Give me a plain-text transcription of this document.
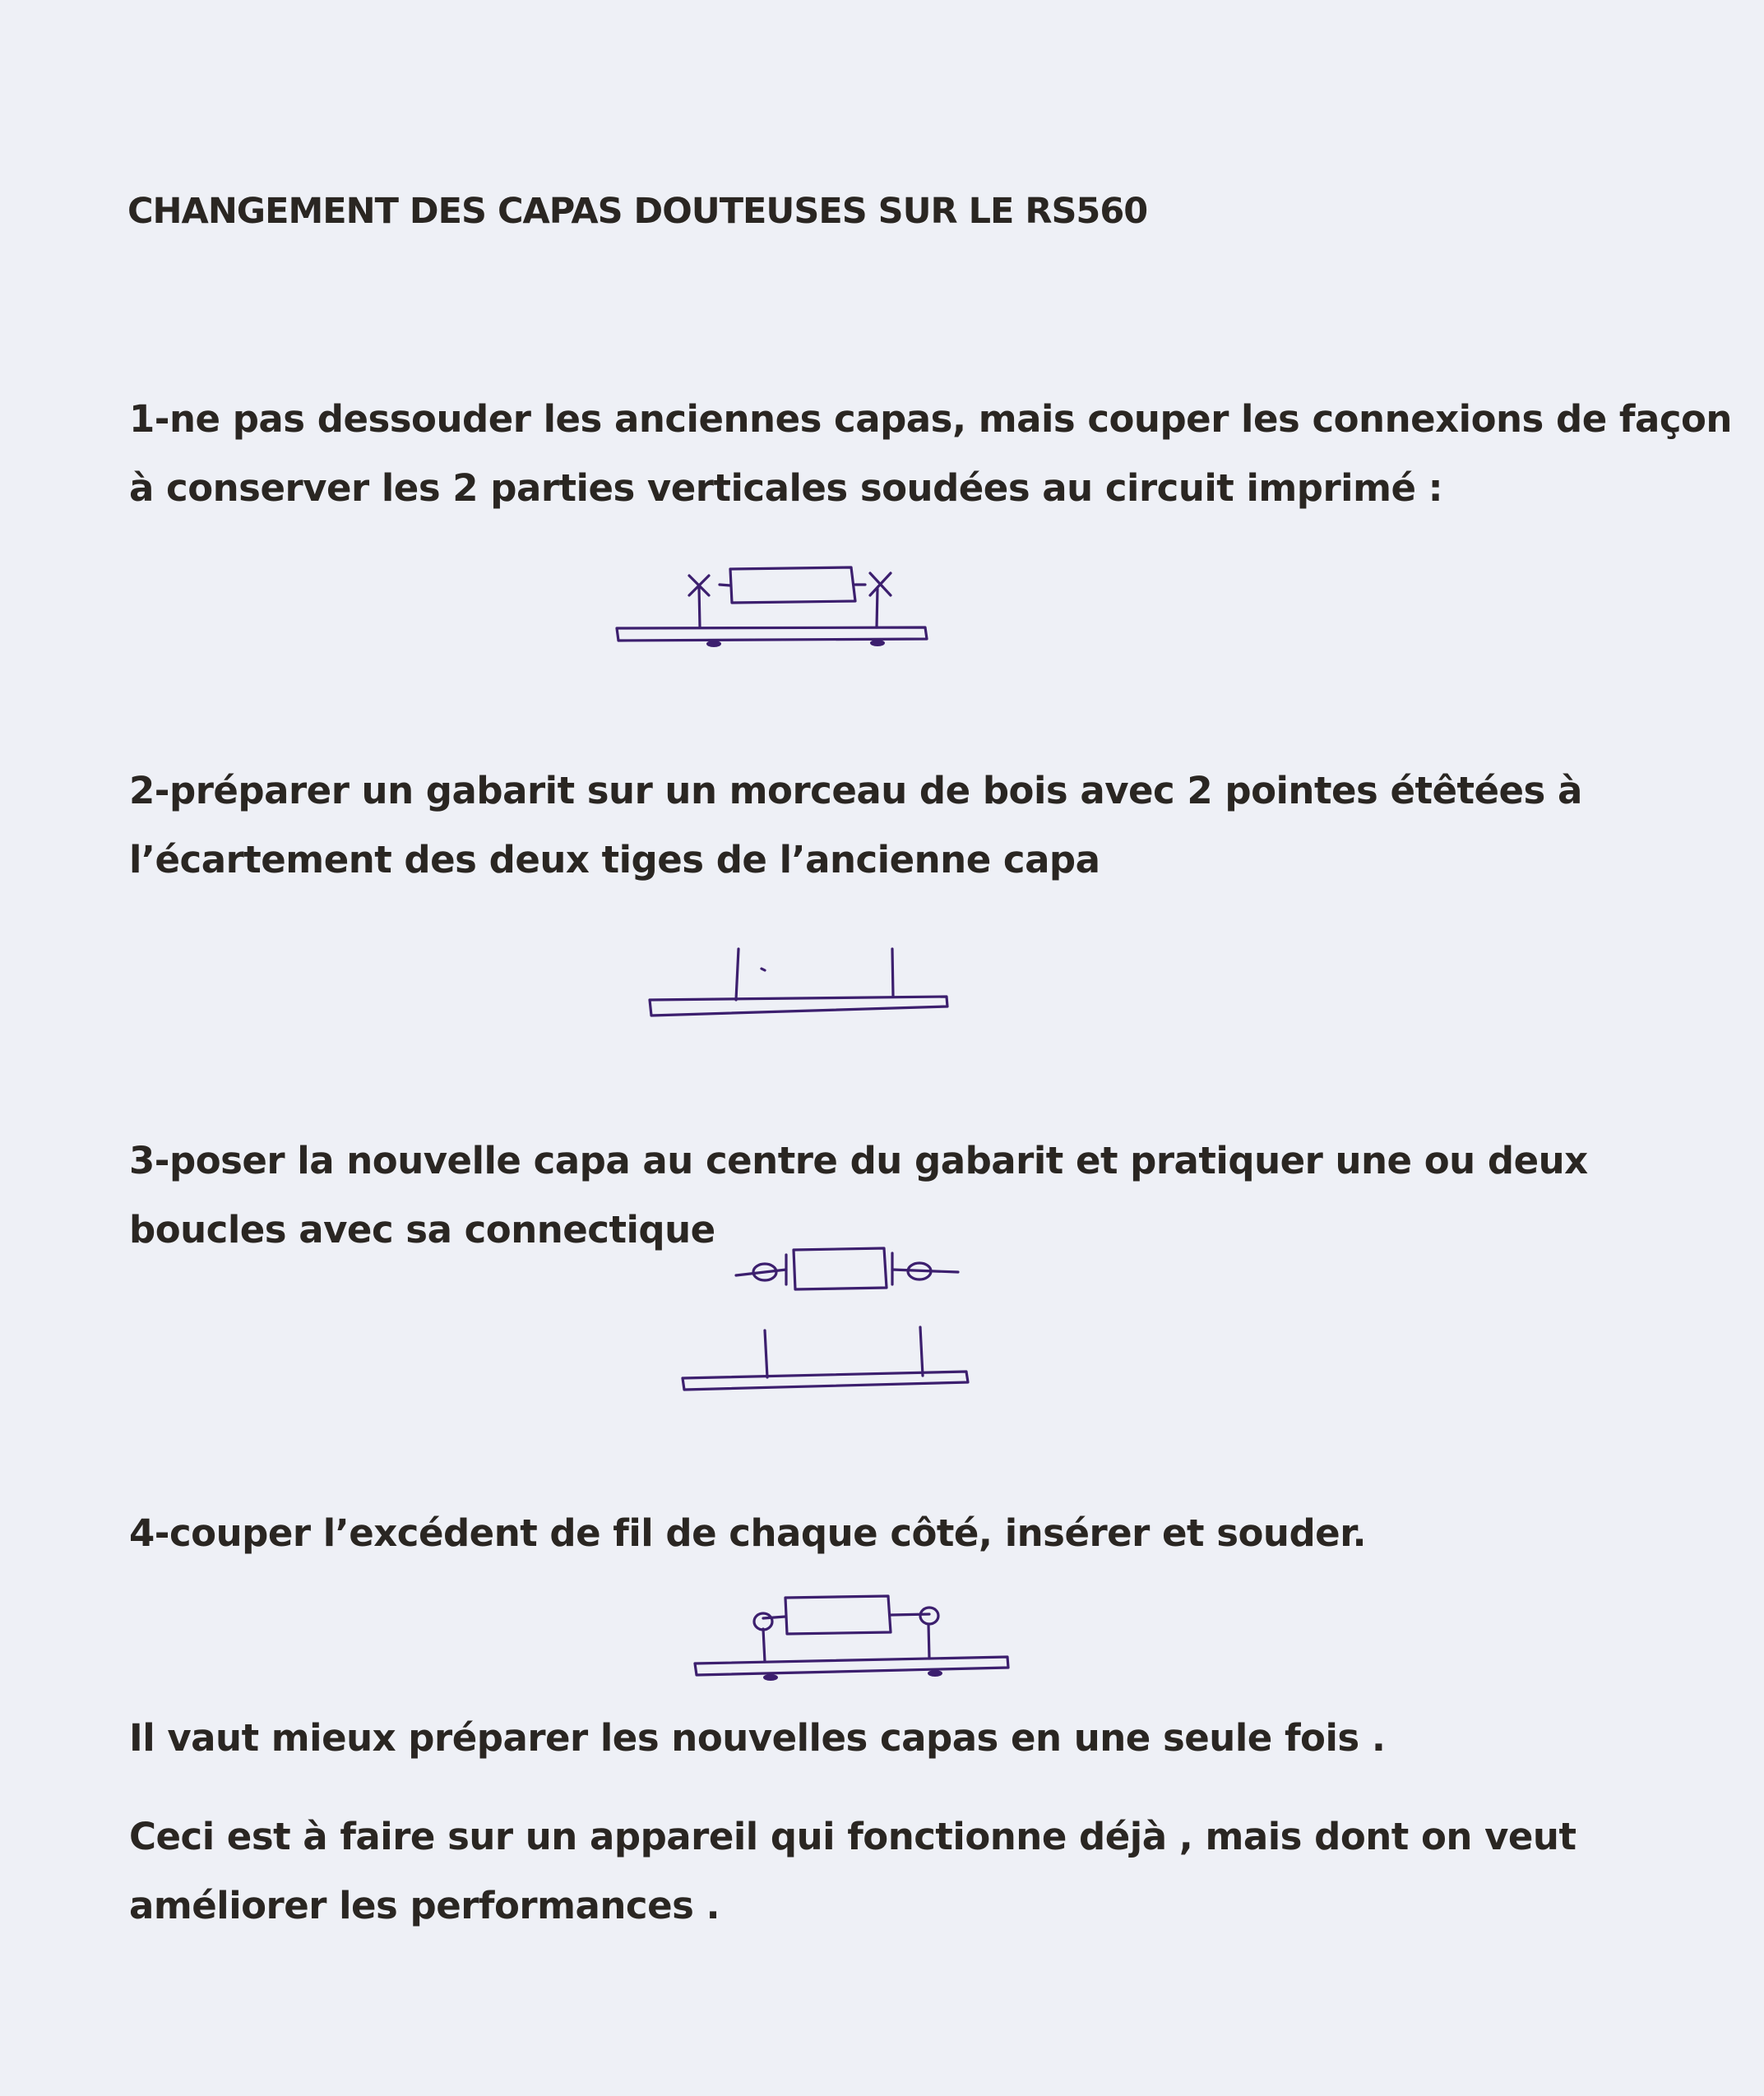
CHANGEMENT DES CAPAS DOUTEUSES SUR LE RS560

1-ne pas dessouder les anciennes capas, mais couper les connexions de façon
à conserver les 2 parties verticales soudées au circuit imprimé :

2-préparer un gabarit sur un morceau de bois avec 2 pointes étêtées à
l’écartement des deux tiges de l’ancienne capa

3-poser la nouvelle capa au centre du gabarit et pratiquer une ou deux
boucles avec sa connectique

4-couper l’excédent de fil de chaque côté, insérer et souder.

Il vaut mieux préparer les nouvelles capas en une seule fois .

Ceci est à faire sur un appareil qui fonctionne déjà , mais dont on veut
améliorer les performances .
